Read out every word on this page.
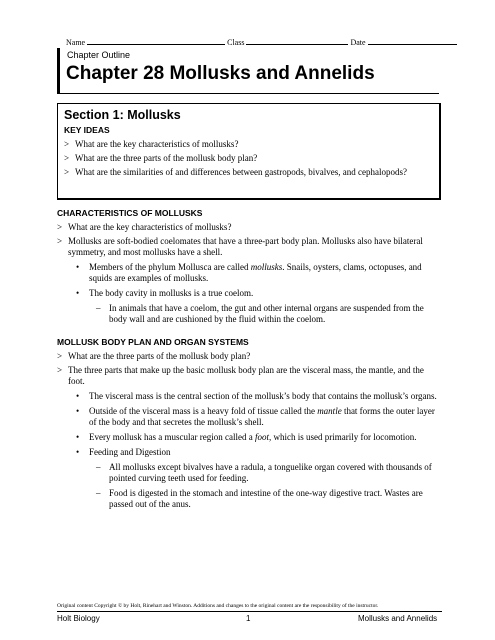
Name	Class	Date
Chapter Outline
Chapter 28 Mollusks and Annelids
Section 1: Mollusks
KEY IDEAS
> What are the key characteristics of mollusks?
> What are the three parts of the mollusk body plan?
> What are the similarities of and differences between gastropods, bivalves, and cephalopods?
CHARACTERISTICS OF MOLLUSKS
> What are the key characteristics of mollusks?
> Mollusks are soft-bodied coelomates that have a three-part body plan. Mollusks also have bilateral symmetry, and most mollusks have a shell.
• Members of the phylum Mollusca are called mollusks. Snails, oysters, clams, octopuses, and squids are examples of mollusks.
• The body cavity in mollusks is a true coelom.
– In animals that have a coelom, the gut and other internal organs are suspended from the body wall and are cushioned by the fluid within the coelom.
MOLLUSK BODY PLAN AND ORGAN SYSTEMS
> What are the three parts of the mollusk body plan?
> The three parts that make up the basic mollusk body plan are the visceral mass, the mantle, and the foot.
• The visceral mass is the central section of the mollusk’s body that contains the mollusk’s organs.
• Outside of the visceral mass is a heavy fold of tissue called the mantle that forms the outer layer of the body and that secretes the mollusk’s shell.
• Every mollusk has a muscular region called a foot, which is used primarily for locomotion.
• Feeding and Digestion
– All mollusks except bivalves have a radula, a tonguelike organ covered with thousands of pointed curving teeth used for feeding.
– Food is digested in the stomach and intestine of the one-way digestive tract. Wastes are passed out of the anus.
Original content Copyright © by Holt, Rinehart and Winston. Additions and changes to the original content are the responsibility of the instructor.
Holt Biology	1	Mollusks and Annelids
